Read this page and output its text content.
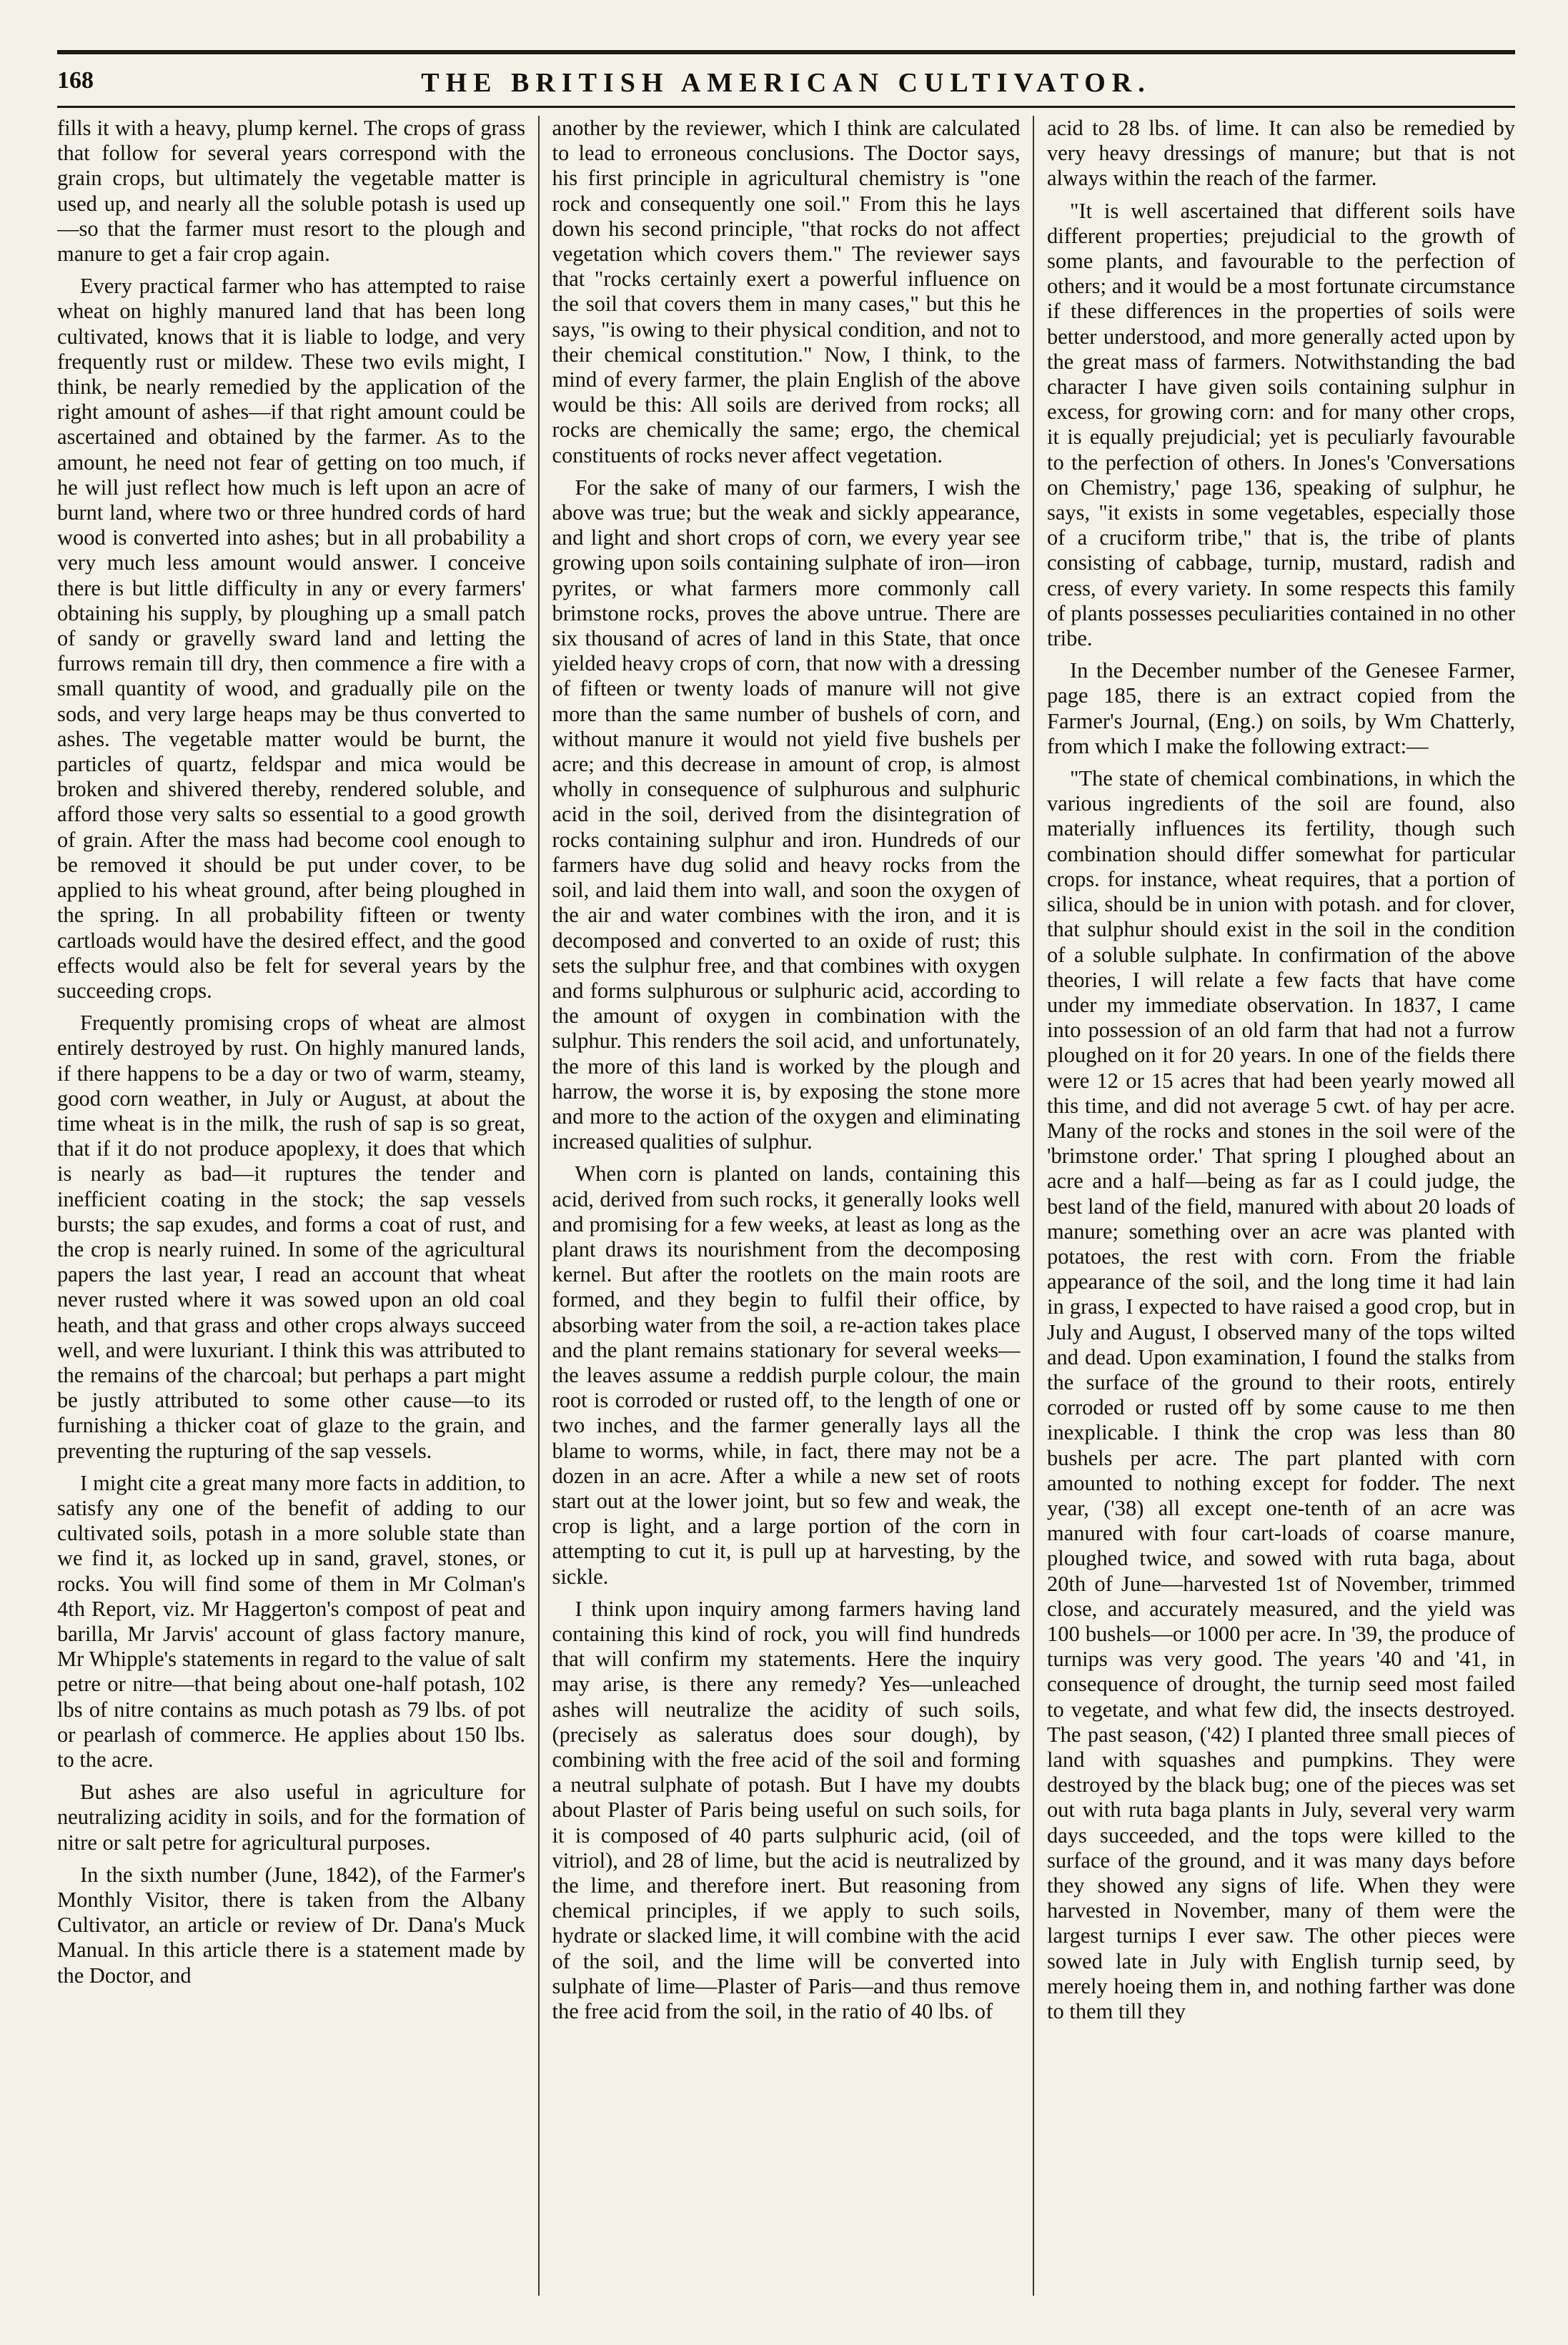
168	THE BRITISH AMERICAN CULTIVATOR.

fills it with a heavy, plump kernel. The crops of grass that follow for several years correspond with the grain crops, but ultimately the vegetable matter is used up, and nearly all the soluble potash is used up—so that the farmer must resort to the plough and manure to get a fair crop again.

Every practical farmer who has attempted to raise wheat on highly manured land that has been long cultivated, knows that it is liable to lodge, and very frequently rust or mildew. These two evils might, I think, be nearly remedied by the application of the right amount of ashes—if that right amount could be ascertained and obtained by the farmer. As to the amount, he need not fear of getting on too much, if he will just reflect how much is left upon an acre of burnt land, where two or three hundred cords of hard wood is converted into ashes; but in all probability a very much less amount would answer. I conceive there is but little difficulty in any or every farmers' obtaining his supply, by ploughing up a small patch of sandy or gravelly sward land and letting the furrows remain till dry, then commence a fire with a small quantity of wood, and gradually pile on the sods, and very large heaps may be thus converted to ashes. The vegetable matter would be burnt, the particles of quartz, feldspar and mica would be broken and shivered thereby, rendered soluble, and afford those very salts so essential to a good growth of grain. After the mass had become cool enough to be removed it should be put under cover, to be applied to his wheat ground, after being ploughed in the spring. In all probability fifteen or twenty cartloads would have the desired effect, and the good effects would also be felt for several years by the succeeding crops.

Frequently promising crops of wheat are almost entirely destroyed by rust. On highly manured lands, if there happens to be a day or two of warm, steamy, good corn weather, in July or August, at about the time wheat is in the milk, the rush of sap is so great, that if it do not produce apoplexy, it does that which is nearly as bad—it ruptures the tender and inefficient coating in the stock; the sap vessels bursts; the sap exudes, and forms a coat of rust, and the crop is nearly ruined. In some of the agricultural papers the last year, I read an account that wheat never rusted where it was sowed upon an old coal heath, and that grass and other crops always succeed well, and were luxuriant. I think this was attributed to the remains of the charcoal; but perhaps a part might be justly attributed to some other cause—to its furnishing a thicker coat of glaze to the grain, and preventing the rupturing of the sap vessels.

I might cite a great many more facts in addition, to satisfy any one of the benefit of adding to our cultivated soils, potash in a more soluble state than we find it, as locked up in sand, gravel, stones, or rocks. You will find some of them in Mr Colman's 4th Report, viz. Mr Haggerton's compost of peat and barilla, Mr Jarvis' account of glass factory manure, Mr Whipple's statements in regard to the value of salt petre or nitre—that being about one-half potash, 102 lbs of nitre contains as much potash as 79 lbs. of pot or pearlash of commerce. He applies about 150 lbs. to the acre.

But ashes are also useful in agriculture for neutralizing acidity in soils, and for the formation of nitre or salt petre for agricultural purposes.

In the sixth number (June, 1842), of the Farmer's Monthly Visitor, there is taken from the Albany Cultivator, an article or review of Dr. Dana's Muck Manual. In this article there is a statement made by the Doctor, and

another by the reviewer, which I think are calculated to lead to erroneous conclusions. The Doctor says, his first principle in agricultural chemistry is "one rock and consequently one soil." From this he lays down his second principle, "that rocks do not affect vegetation which covers them." The reviewer says that "rocks certainly exert a powerful influence on the soil that covers them in many cases," but this he says, "is owing to their physical condition, and not to their chemical constitution." Now, I think, to the mind of every farmer, the plain English of the above would be this: All soils are derived from rocks; all rocks are chemically the same; ergo, the chemical constituents of rocks never affect vegetation.

For the sake of many of our farmers, I wish the above was true; but the weak and sickly appearance, and light and short crops of corn, we every year see growing upon soils containing sulphate of iron—iron pyrites, or what farmers more commonly call brimstone rocks, proves the above untrue. There are six thousand of acres of land in this State, that once yielded heavy crops of corn, that now with a dressing of fifteen or twenty loads of manure will not give more than the same number of bushels of corn, and without manure it would not yield five bushels per acre; and this decrease in amount of crop, is almost wholly in consequence of sulphurous and sulphuric acid in the soil, derived from the disintegration of rocks containing sulphur and iron. Hundreds of our farmers have dug solid and heavy rocks from the soil, and laid them into wall, and soon the oxygen of the air and water combines with the iron, and it is decomposed and converted to an oxide of rust; this sets the sulphur free, and that combines with oxygen and forms sulphurous or sulphuric acid, according to the amount of oxygen in combination with the sulphur. This renders the soil acid, and unfortunately, the more of this land is worked by the plough and harrow, the worse it is, by exposing the stone more and more to the action of the oxygen and eliminating increased qualities of sulphur.

When corn is planted on lands, containing this acid, derived from such rocks, it generally looks well and promising for a few weeks, at least as long as the plant draws its nourishment from the decomposing kernel. But after the rootlets on the main roots are formed, and they begin to fulfil their office, by absorbing water from the soil, a re-action takes place and the plant remains stationary for several weeks—the leaves assume a reddish purple colour, the main root is corroded or rusted off, to the length of one or two inches, and the farmer generally lays all the blame to worms, while, in fact, there may not be a dozen in an acre. After a while a new set of roots start out at the lower joint, but so few and weak, the crop is light, and a large portion of the corn in attempting to cut it, is pull up at harvesting, by the sickle.

I think upon inquiry among farmers having land containing this kind of rock, you will find hundreds that will confirm my statements. Here the inquiry may arise, is there any remedy? Yes—unleached ashes will neutralize the acidity of such soils, (precisely as saleratus does sour dough), by combining with the free acid of the soil and forming a neutral sulphate of potash. But I have my doubts about Plaster of Paris being useful on such soils, for it is composed of 40 parts sulphuric acid, (oil of vitriol), and 28 of lime, but the acid is neutralized by the lime, and therefore inert. But reasoning from chemical principles, if we apply to such soils, hydrate or slacked lime, it will combine with the acid of the soil, and the lime will be converted into sulphate of lime—Plaster of Paris—and thus remove the free acid from the soil, in the ratio of 40 lbs. of

acid to 28 lbs. of lime. It can also be remedied by very heavy dressings of manure; but that is not always within the reach of the farmer.

"It is well ascertained that different soils have different properties; prejudicial to the growth of some plants, and favourable to the perfection of others; and it would be a most fortunate circumstance if these differences in the properties of soils were better understood, and more generally acted upon by the great mass of farmers. Notwithstanding the bad character I have given soils containing sulphur in excess, for growing corn: and for many other crops, it is equally prejudicial; yet is peculiarly favourable to the perfection of others. In Jones's 'Conversations on Chemistry,' page 136, speaking of sulphur, he says, "it exists in some vegetables, especially those of a cruciform tribe," that is, the tribe of plants consisting of cabbage, turnip, mustard, radish and cress, of every variety. In some respects this family of plants possesses peculiarities contained in no other tribe.

In the December number of the Genesee Farmer, page 185, there is an extract copied from the Farmer's Journal, (Eng.) on soils, by Wm Chatterly, from which I make the following extract:—

"The state of chemical combinations, in which the various ingredients of the soil are found, also materially influences its fertility, though such combination should differ somewhat for particular crops. for instance, wheat requires, that a portion of silica, should be in union with potash. and for clover, that sulphur should exist in the soil in the condition of a soluble sulphate. In confirmation of the above theories, I will relate a few facts that have come under my immediate observation. In 1837, I came into possession of an old farm that had not a furrow ploughed on it for 20 years. In one of the fields there were 12 or 15 acres that had been yearly mowed all this time, and did not average 5 cwt. of hay per acre. Many of the rocks and stones in the soil were of the 'brimstone order.' That spring I ploughed about an acre and a half—being as far as I could judge, the best land of the field, manured with about 20 loads of manure; something over an acre was planted with potatoes, the rest with corn. From the friable appearance of the soil, and the long time it had lain in grass, I expected to have raised a good crop, but in July and August, I observed many of the tops wilted and dead. Upon examination, I found the stalks from the surface of the ground to their roots, entirely corroded or rusted off by some cause to me then inexplicable. I think the crop was less than 80 bushels per acre. The part planted with corn amounted to nothing except for fodder. The next year, ('38) all except one-tenth of an acre was manured with four cart-loads of coarse manure, ploughed twice, and sowed with ruta baga, about 20th of June—harvested 1st of November, trimmed close, and accurately measured, and the yield was 100 bushels—or 1000 per acre. In '39, the produce of turnips was very good. The years '40 and '41, in consequence of drought, the turnip seed most failed to vegetate, and what few did, the insects destroyed. The past season, ('42) I planted three small pieces of land with squashes and pumpkins. They were destroyed by the black bug; one of the pieces was set out with ruta baga plants in July, several very warm days succeeded, and the tops were killed to the surface of the ground, and it was many days before they showed any signs of life. When they were harvested in November, many of them were the largest turnips I ever saw. The other pieces were sowed late in July with English turnip seed, by merely hoeing them in, and nothing farther was done to them till they
